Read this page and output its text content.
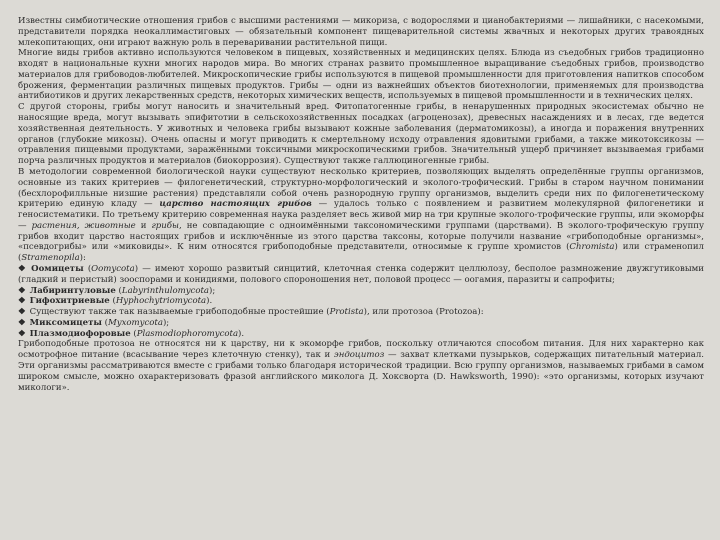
Известны симбиотические отношения грибов с высшими растениями — микориза, с водорослями и цианобактериями — лишайники, с насекомыми, представители порядка неокаллимастиговых — обязательный компонент пищеварительной системы жвачных и некоторых других травоядных млекопитающих, они играют важную роль в переваривании растительной пищи.

Многие виды грибов активно используются человеком в пищевых, хозяйственных и медицинских целях. Блюда из съедобных грибов традиционно входят в национальные кухни многих народов мира. Во многих странах развито промышленное выращивание съедобных грибов, производство материалов для грибоводов-любителей. Микроскопические грибы используются в пищевой промышленности для приготовления напитков способом брожения, ферментации различных пищевых продуктов. Грибы — одни из важнейших объектов биотехнологии, применяемых для производства антибиотиков и других лекарственных средств, некоторых химических веществ, используемых в пищевой промышленности и в технических целях.

С другой стороны, грибы могут наносить и значительный вред. Фитопатогенные грибы, в ненарушенных природных экосистемах обычно не наносящие вреда, могут вызывать эпифитотии в сельскохозяйственных посадках (агроценозах), древесных насаждениях и в лесах, где ведется хозяйственная деятельность. У животных и человека грибы вызывают кожные заболевания (дерматомикозы), а иногда и поражения внутренних органов (глубокие микозы). Очень опасны и могут приводить к смертельному исходу отравления ядовитыми грибами, а также микотоксикозы — отравления пищевыми продуктами, заражёнными токсичными микроскопическими грибов. Значительный ущерб причиняет вызываемая грибами порча различных продуктов и материалов (биокоррозия). Существуют также галлюциногенные грибы.

В методологии современной биологической науки существуют несколько критериев, позволяющих выделять определённые группы организмов, основные из таких критериев — филогенетический, структурно-морфологический и эколого-трофический. Грибы в старом научном понимании (бесхлорофилльные низшие растения) представляли собой очень разнородную группу организмов, выделить среди них по филогенетическому критерию единую кладу — царство настоящих грибов — удалось только с появлением и развитием молекулярной филогенетики и геносистематики. По третьему критерию современная наука разделяет весь живой мир на три крупные эколого-трофические группы, или экоморфы — растения, животные и грибы, не совпадающие с одноимёнными таксономическими группами (царствами). В эколого-трофическую группу грибов входит царство настоящих грибов и исключённые из этого царства таксоны, которые получили название «грибоподобные организмы», «псевдогрибы» или «миковиды». К ним относятся грибоподобные представители, относимые к группе хромистов (Chromista) или страменопил (Stramenopila):

❖ Оомицеты (Oomycota) — имеют хорошо развитый синцитий, клеточная стенка содержит целлюлозу, бесполое размножение двужгутиковыми (гладкий и перистый) зооспорами и конидиями, полового спороношения нет, половой процесс — оогамия, паразиты и сапрофиты;

❖ Лабиринтуловые (Labyrinthulomycota);

❖ Гифохитриевые (Hyphochytriomycota).

❖ Существуют также так называемые грибоподобные простейшие (Protista), или протозоа (Protozoa):

❖ Миксомицеты (Myxomycota);

❖ Плазмодиофоровые (Plasmodiophoromycota).

Грибоподобные протозоа не относятся ни к царству, ни к экоморфе грибов, поскольку отличаются способом питания. Для них характерно как осмотрофное питание (всасывание через клеточную стенку), так и эндоцитоз — захват клетками пузырьков, содержащих питательный материал. Эти организмы рассматриваются вместе с грибами только благодаря исторической традиции. Всю группу организмов, называемых грибами в самом широком смысле, можно охарактеризовать фразой английского миколога Д. Хоксворта (D. Hawksworth, 1990): «это организмы, которых изучают микологи».
